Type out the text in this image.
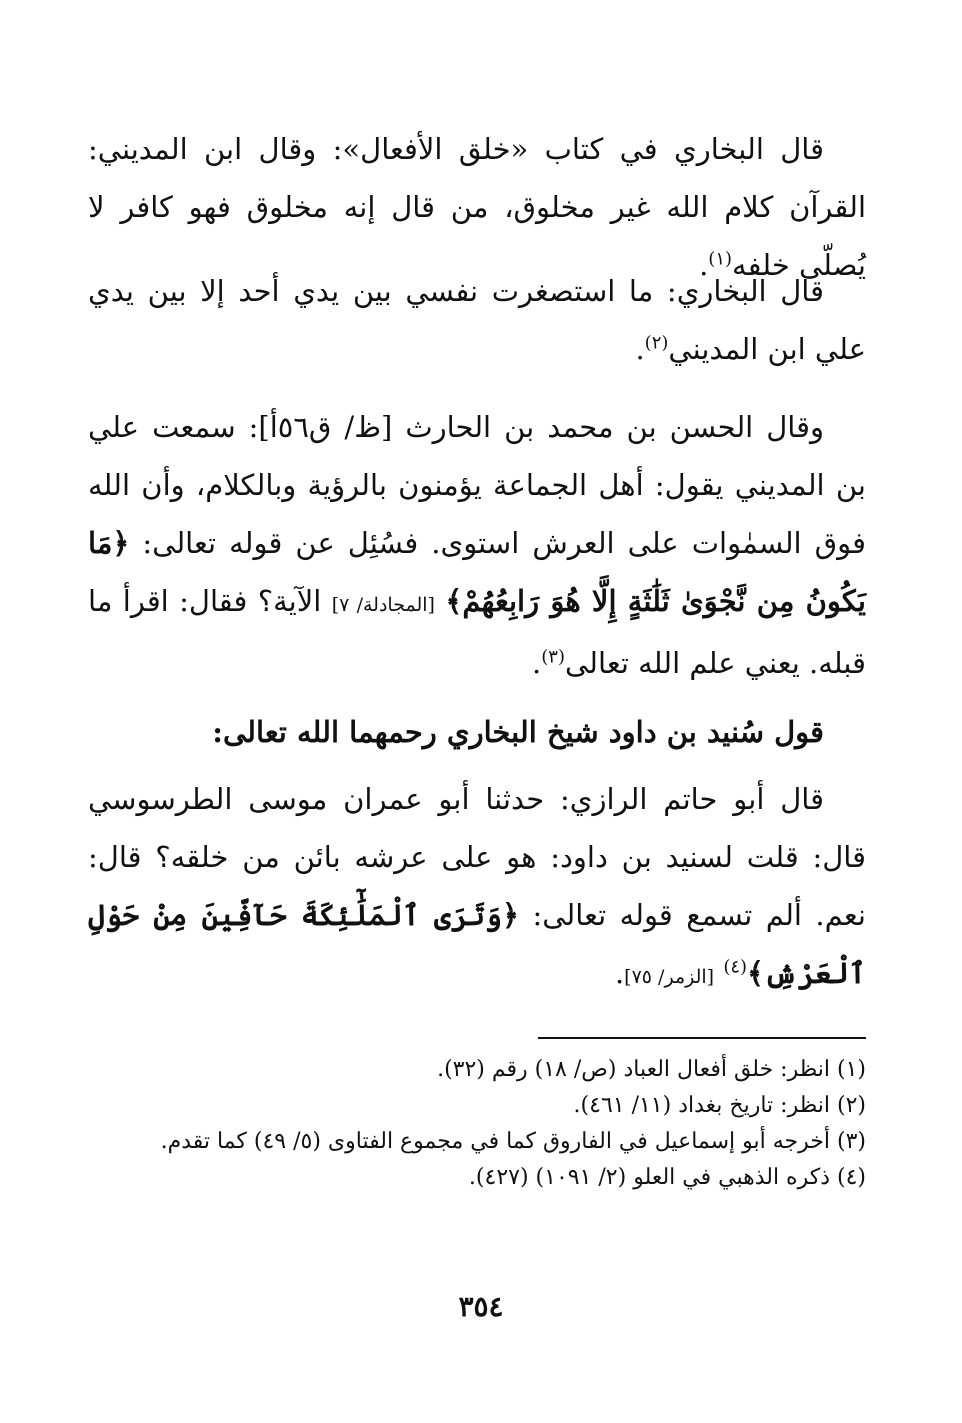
قال البخاري في كتاب «خلق الأفعال»: وقال ابن المديني: القرآن كلام الله غير مخلوق، من قال إنه مخلوق فهو كافر لا يُصلّى خلفه$^{(١)}$.

قال البخاري: ما استصغرت نفسي بين يدي أحد إلا بين يدي علي ابن المديني$^{(٢)}$.

وقال الحسن بن محمد بن الحارث [ظ/ ق٥٦أ]: سمعت علي بن المديني يقول: أهل الجماعة يؤمنون بالرؤية وبالكلام، وأن الله فوق السمٰوات على العرش استوى. فسُئِل عن قوله تعالى: ﴿مَا يَكُونُ مِن نَّجْوَىٰ ثَلَٰثَةٍ إِلَّا هُوَ رَابِعُهُمْ﴾ [المجادلة/ ٧] الآية؟ فقال: اقرأ ما قبله. يعني علم الله تعالى$^{(٣)}$.

قول سُنيد بن داود شيخ البخاري رحمهما الله تعالى:

قال أبو حاتم الرازي: حدثنا أبو عمران موسى الطرسوسي قال: قلت لسنيد بن داود: هو على عرشه بائن من خلقه؟ قال: نعم. ألم تسمع قوله تعالى: ﴿وَتَرَى ٱلْمَلَٰٓئِكَةَ حَآفِّينَ مِنْ حَوْلِ ٱلْعَرْشِ﴾$^{(٤)}$ [الزمر/ ٧٥].

(١) انظر: خلق أفعال العباد (ص/ ١٨) رقم (٣٢).

(٢) انظر: تاريخ بغداد (١١/ ٤٦١).

(٣) أخرجه أبو إسماعيل في الفاروق كما في مجموع الفتاوى (٥/ ٤٩) كما تقدم.

(٤) ذكره الذهبي في العلو (٢/ ١٠٩١) (٤٢٧).

٣٥٤
